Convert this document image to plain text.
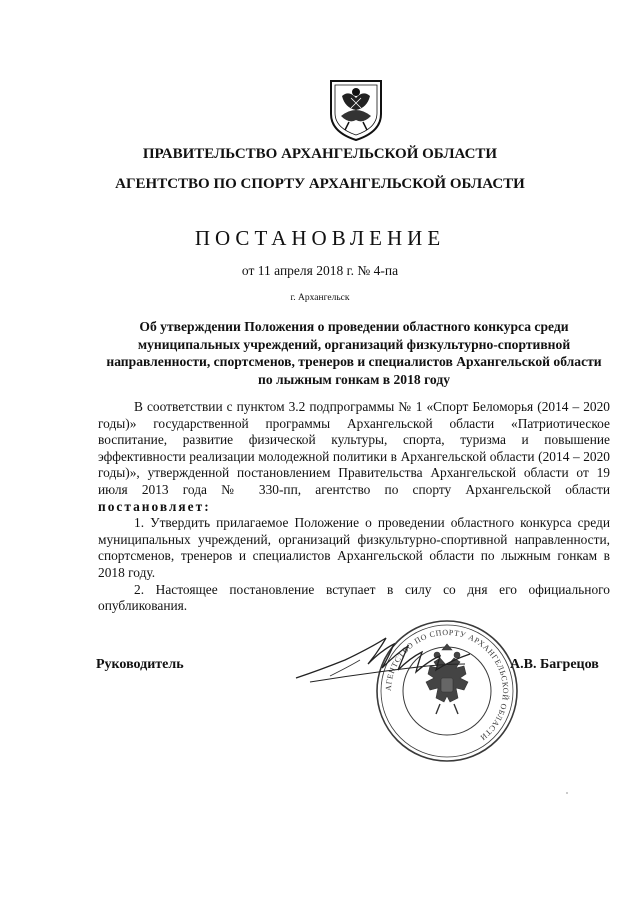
ПРАВИТЕЛЬСТВО АРХАНГЕЛЬСКОЙ ОБЛАСТИ
АГЕНТСТВО ПО СПОРТУ АРХАНГЕЛЬСКОЙ ОБЛАСТИ
ПОСТАНОВЛЕНИЕ
от 11 апреля 2018 г. № 4-па
г. Архангельск
Об утверждении Положения о проведении областного конкурса среди муниципальных учреждений, организаций физкультурно-спортивной направленности, спортсменов, тренеров и специалистов Архангельской области по лыжным гонкам в 2018 году

В соответствии с пунктом 3.2 подпрограммы № 1 «Спорт Беломорья (2014 – 2020 годы)» государственной программы Архангельской области «Патриотическое воспитание, развитие физической культуры, спорта, туризма и повышение эффективности реализации молодежной политики в Архангельской области (2014 – 2020 годы)», утвержденной постановлением Правительства Архангельской области от 19 июля 2013 года № 330-пп, агентство по спорту Архангельской области постановляет:

1. Утвердить прилагаемое Положение о проведении областного конкурса среди муниципальных учреждений, организаций физкультурно-спортивной направленности, спортсменов, тренеров и специалистов Архангельской области по лыжным гонкам в 2018 году.

2. Настоящее постановление вступает в силу со дня его официального опубликования.

АГЕНТСТВО ПО СПОРТУ АРХАНГЕЛЬСКОЙ ОБЛАСТИ
Руководитель	А.В. Багрецов
